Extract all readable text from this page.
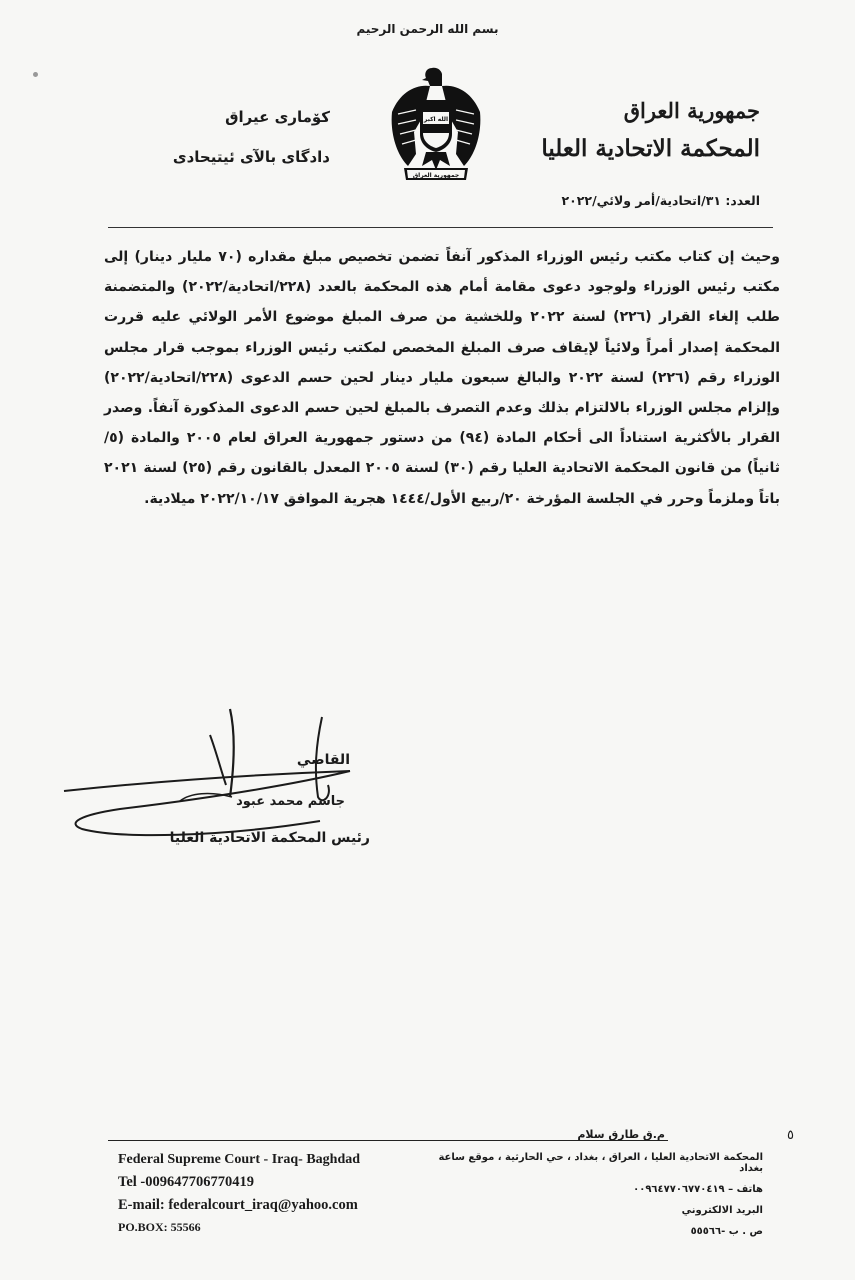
بسم الله الرحمن الرحيم
جمهورية العراق
المحكمة الاتحادية العليا
العدد: ٣١/اتحادية/أمر ولائي/٢٠٢٢
كۆمارى عيراق
دادگاى بالآى ئيتيحادى
الله اكبر
جمهورية العراق

وحيث إن كتاب مكتب رئيس الوزراء المذكور آنفاً تضمن تخصيص مبلغ مقداره (٧٠ مليار دينار) إلى مكتب رئيس الوزراء ولوجود دعوى مقامة أمام هذه المحكمة بالعدد (٢٢٨/اتحادية/٢٠٢٢) والمتضمنة طلب إلغاء القرار (٢٢٦) لسنة ٢٠٢٢ وللخشية من صرف المبلغ موضوع الأمر الولائي عليه قررت المحكمة إصدار أمراً ولائياً لإيقاف صرف المبلغ المخصص لمكتب رئيس الوزراء بموجب قرار مجلس الوزراء رقم (٢٢٦) لسنة ٢٠٢٢ والبالغ سبعون مليار دينار لحين حسم الدعوى (٢٢٨/اتحادية/٢٠٢٢) وإلزام مجلس الوزراء بالالتزام بذلك وعدم التصرف بالمبلغ لحين حسم الدعوى المذكورة آنفاً. وصدر القرار بالأكثرية استناداً الى أحكام المادة (٩٤) من دستور جمهورية العراق لعام ٢٠٠٥ والمادة (٥/ثانياً) من قانون المحكمة الاتحادية العليا رقم (٣٠) لسنة ٢٠٠٥ المعدل بالقانون رقم (٢٥) لسنة ٢٠٢١ باتاً وملزماً وحرر في الجلسة المؤرخة ٢٠/ربيع الأول/١٤٤٤ هجرية الموافق ٢٠٢٢/١٠/١٧ ميلادية.

القاضي
جاسم محمد عبود
رئيس المحكمة الاتحادية العليا
٥
م.ق طارق سلام
Federal Supreme Court - Iraq- Baghdad
Tel -009647706770419
E-mail: federalcourt_iraq@yahoo.com
PO.BOX: 55566
المحكمة الاتحادية العليا ، العراق ، بغداد ، حي الحارثية ، موقع ساعة بغداد
هاتف – ٠٠٩٦٤٧٧٠٦٧٧٠٤١٩
البريد الالكتروني
ص . ب -٥٥٥٦٦
